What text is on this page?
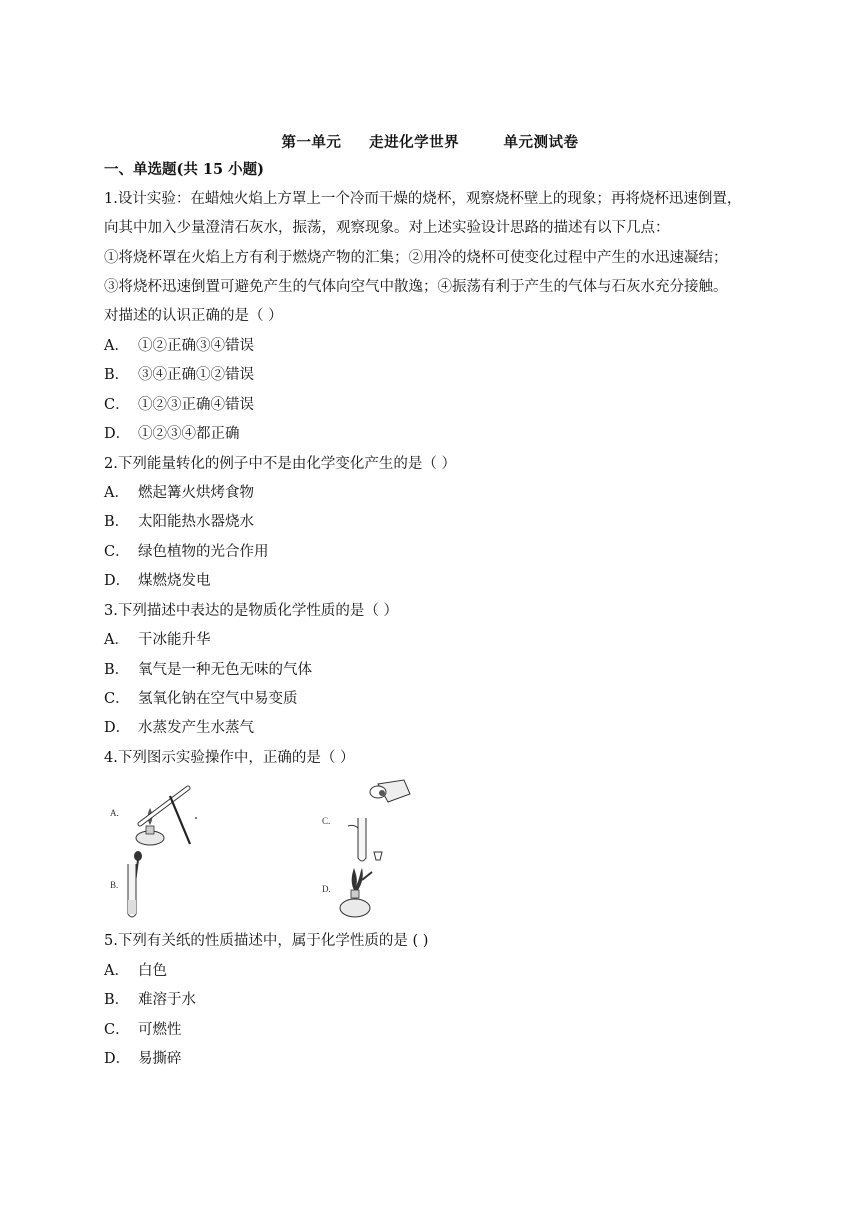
第一单元     走进化学世界        单元测试卷
一、单选题(共 15 小题)
1.设计实验：在蜡烛火焰上方罩上一个冷而干燥的烧杯，观察烧杯壁上的现象；再将烧杯迅速倒置，
向其中加入少量澄清石灰水，振荡，观察现象。对上述实验设计思路的描述有以下几点：
①将烧杯罩在火焰上方有利于燃烧产物的汇集；②用冷的烧杯可使变化过程中产生的水迅速凝结；
③将烧杯迅速倒置可避免产生的气体向空气中散逸；④振荡有利于产生的气体与石灰水充分接触。
对描述的认识正确的是（ ）
A． ①②正确③④错误
B． ③④正确①②错误
C． ①②③正确④错误
D． ①②③④都正确
2.下列能量转化的例子中不是由化学变化产生的是（ ）
A． 燃起篝火烘烤食物
B． 太阳能热水器烧水
C． 绿色植物的光合作用
D． 煤燃烧发电
3.下列描述中表达的是物质化学性质的是（ ）
A． 干冰能升华
B． 氧气是一种无色无味的气体
C． 氢氧化钠在空气中易变质
D． 水蒸发产生水蒸气
4.下列图示实验操作中，正确的是（ ）
A.
B.
C.
D.
5.下列有关纸的性质描述中，属于化学性质的是 ( )
A． 白色
B． 难溶于水
C． 可燃性
D． 易撕碎
